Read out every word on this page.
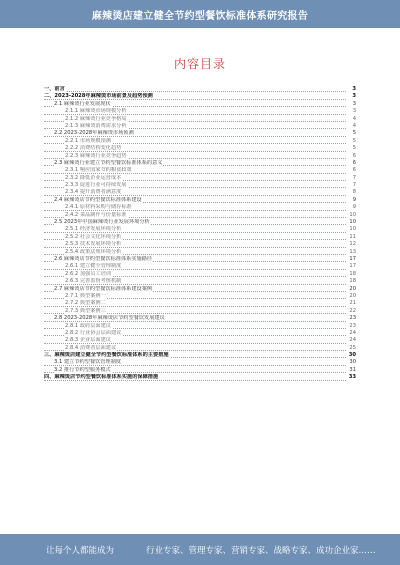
麻辣烫店建立健全节约型餐饮标准体系研究报告
内容目录
一、前言	3
二、2023-2028年麻辣烫市场前景及趋势预测	3
2.1 麻辣烫行业发展现状	3
2.1.1 麻辣烫市场规模分析	3
2.1.2 麻辣烫行业竞争格局	4
2.1.3 麻辣烫消费需求分析	4
2.2 2023-2028年麻辣烫市场预测	5
2.2.1 市场规模预测	5
2.2.2 消费结构变化趋势	5
2.2.3 麻辣烫行业竞争趋势	6
2.3 麻辣烫行业建立节约型餐饮标准体系的意义	6
2.3.1 响应国家节约粮食政策	6
2.3.2 降低企业运营成本	7
2.3.3 促进行业可持续发展	7
2.3.4 提升消费者满意度	8
2.4 麻辣烫店节约型餐饮标准体系建设	9
2.4.1 原材料采购与储存标准	9
2.4.2 菜品制作与份量标准	10
2.5 2023年中国麻辣烫行业发展环境分析	10
2.5.1 经济发展环境分析	10
2.5.2 社会文化环境分析	11
2.5.3 技术发展环境分析	12
2.5.4 政策法规环境分析	13
2.6 麻辣烫店节约型餐饮标准体系实施路径	17
2.6.1 建立健全管理制度	17
2.6.2 加强员工培训	18
2.6.3 完善监督考核机制	18
2.7 麻辣烫店节约型餐饮标准体系建设案例	20
2.7.1 典型案例一	20
2.7.2 典型案例二	21
2.7.3 典型案例三	22
2.8 2023-2028年麻辣烫店节约型餐饮发展建议	23
2.8.1 政府层面建议	23
2.8.2 行业协会层面建议	24
2.8.3 企业层面建议	24
2.8.4 消费者层面建议	25
三、麻辣烫店建立健全节约型餐饮标准体系的主要措施	30
3.1 建立节约型餐饮管理制度	30
3.2 推行节约型服务模式	31
四、麻辣烫店节约型餐饮标准体系实施的保障措施	33
让每个人都能成为	行业专家、管理专家、营销专家、战略专家、成功企业家……
